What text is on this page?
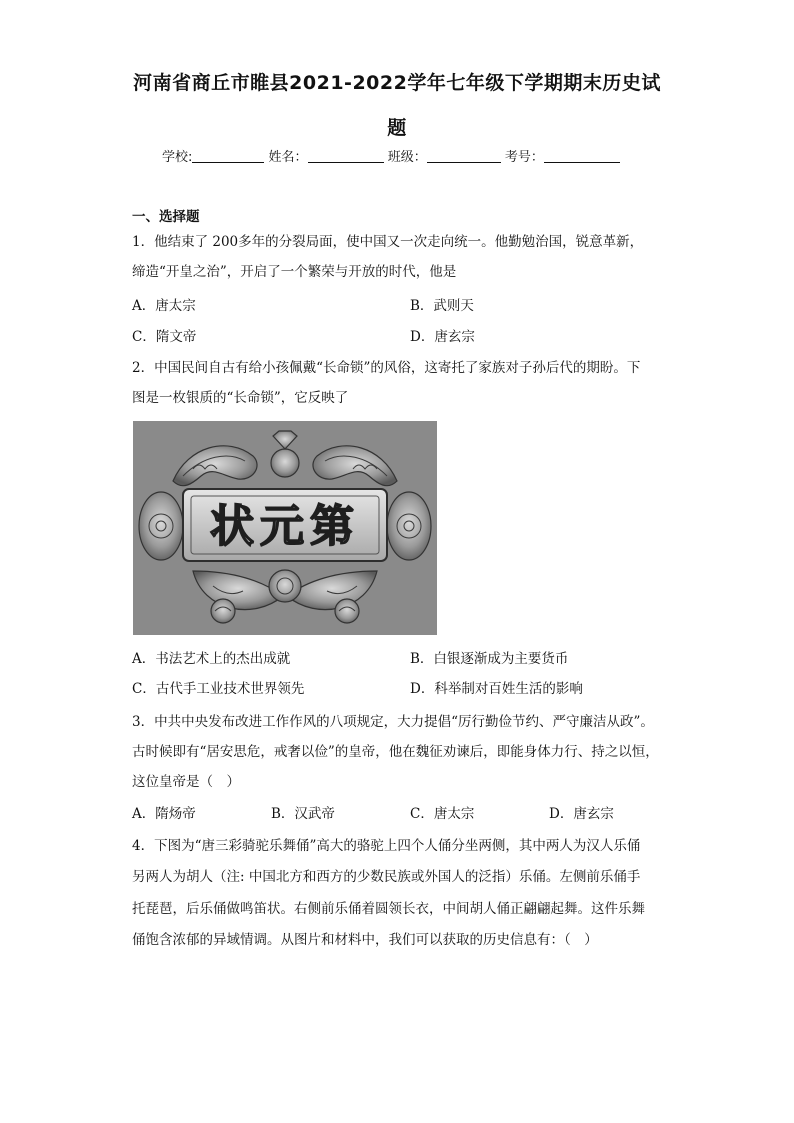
河南省商丘市睢县2021-2022学年七年级下学期期末历史试
题
学校:	姓名：	班级：	考号：
一、选择题
1．他结束了 200多年的分裂局面，使中国又一次走向统一。他勤勉治国，锐意革新，
缔造“开皇之治”，开启了一个繁荣与开放的时代，他是
A．唐太宗	B．武则天
C．隋文帝	D．唐玄宗
2．中国民间自古有给小孩佩戴“长命锁”的风俗，这寄托了家族对子孙后代的期盼。下
图是一枚银质的“长命锁”，它反映了
状元第
A．书法艺术上的杰出成就	B．白银逐渐成为主要货币
C．古代手工业技术世界领先	D．科举制对百姓生活的影响
3．中共中央发布改进工作作风的八项规定，大力提倡“厉行勤俭节约、严守廉洁从政”。
古时候即有“居安思危，戒奢以俭”的皇帝，他在魏征劝谏后，即能身体力行、持之以恒，
这位皇帝是（　）
A．隋炀帝	B．汉武帝	C．唐太宗	D．唐玄宗
4．下图为“唐三彩骑驼乐舞俑”高大的骆驼上四个人俑分坐两侧，其中两人为汉人乐俑
另两人为胡人（注: 中国北方和西方的少数民族或外国人的泛指）乐俑。左侧前乐俑手
托琵琶，后乐俑做鸣笛状。右侧前乐俑着圆领长衣，中间胡人俑正翩翩起舞。这件乐舞
俑饱含浓郁的异域情调。从图片和材料中，我们可以获取的历史信息有：（　）
